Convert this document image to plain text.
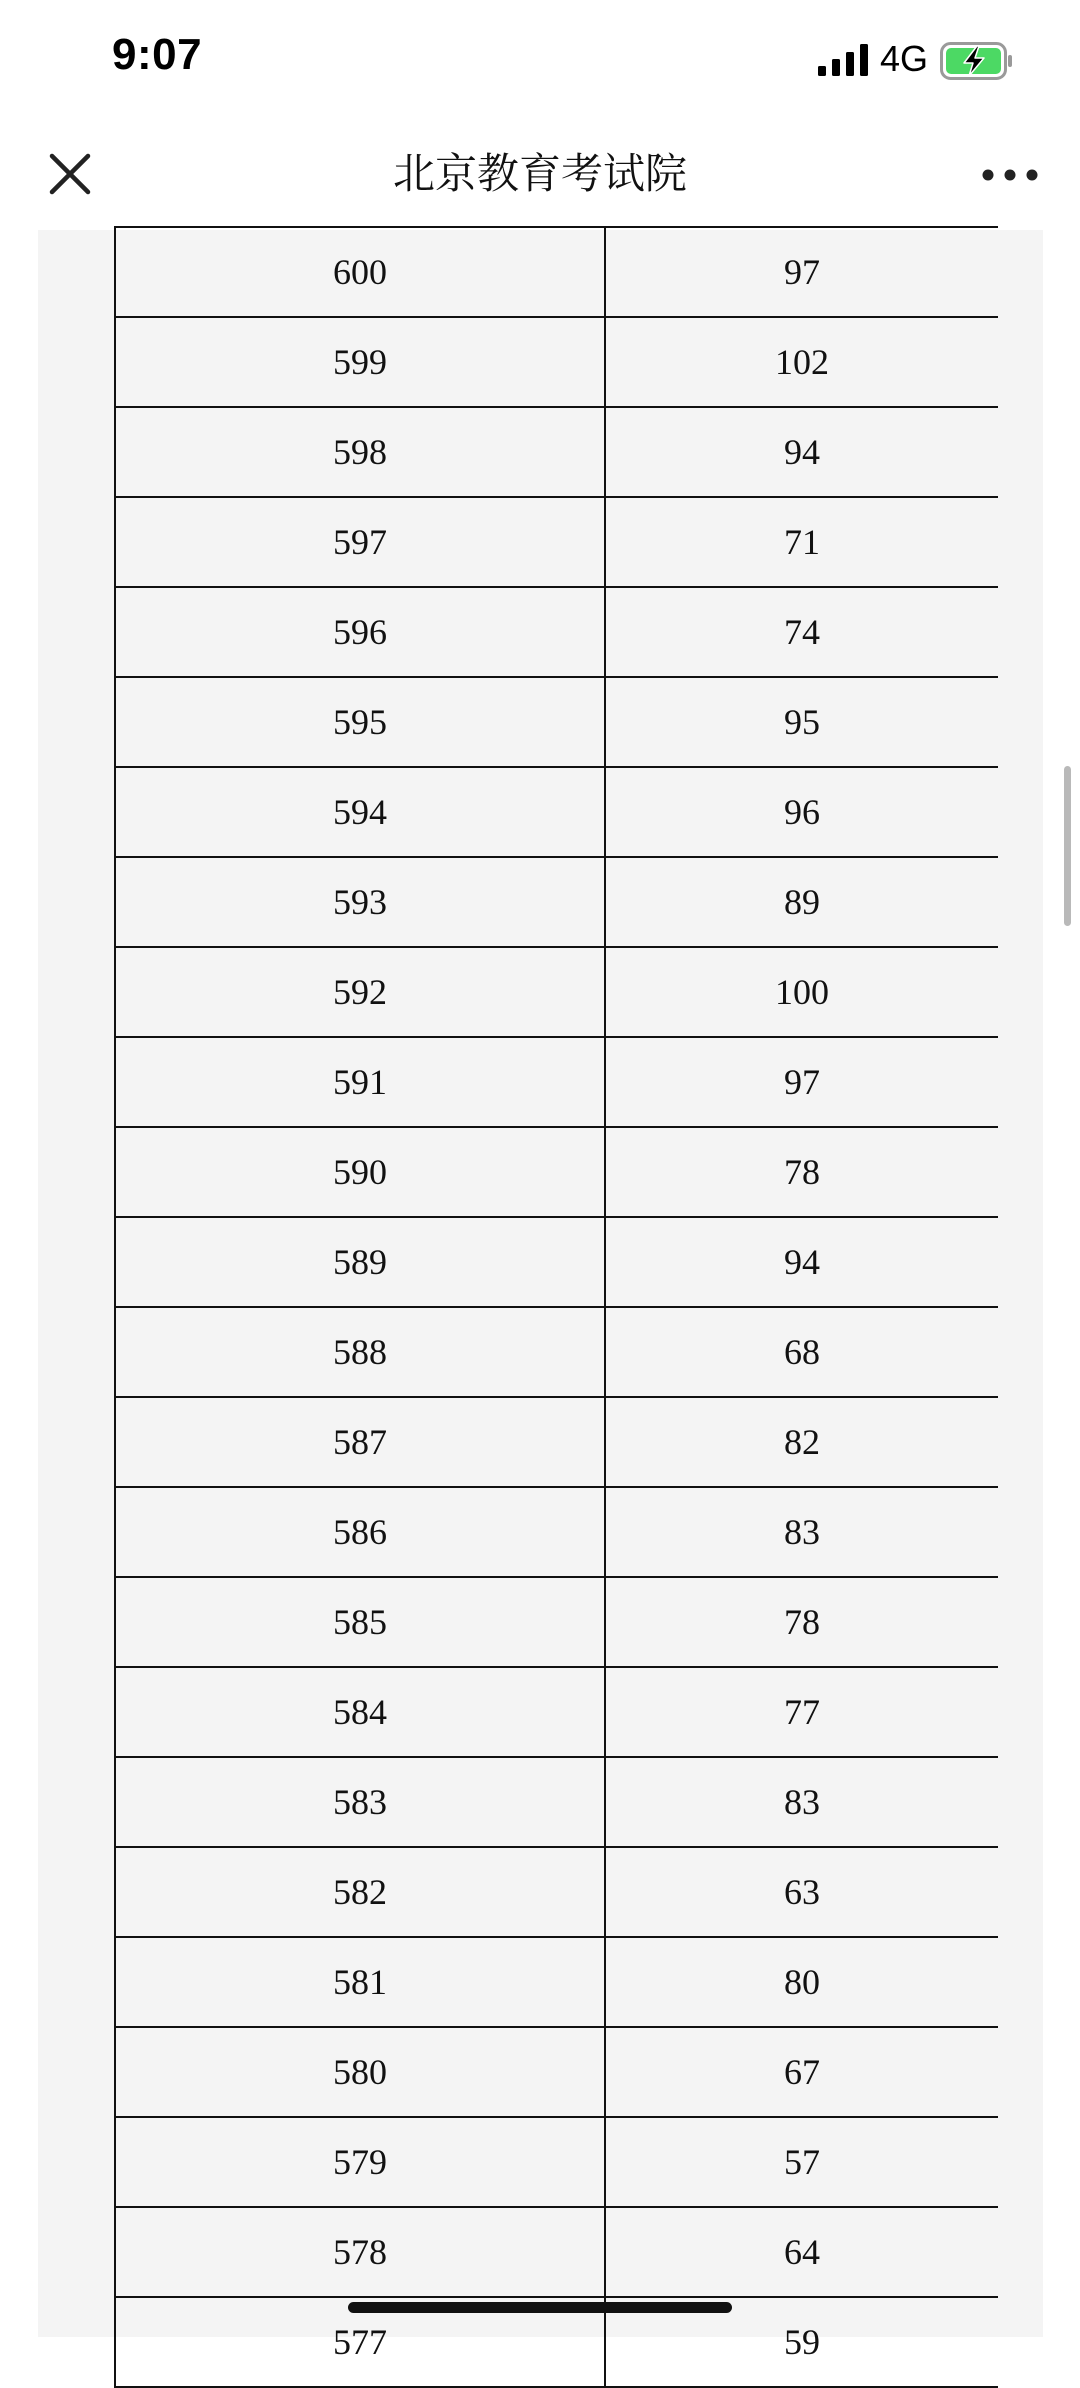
9:07	4G
北京教育考试院
600	97
599	102
598	94
597	71
596	74
595	95
594	96
593	89
592	100
591	97
590	78
589	94
588	68
587	82
586	83
585	78
584	77
583	83
582	63
581	80
580	67
579	57
578	64
577	59
